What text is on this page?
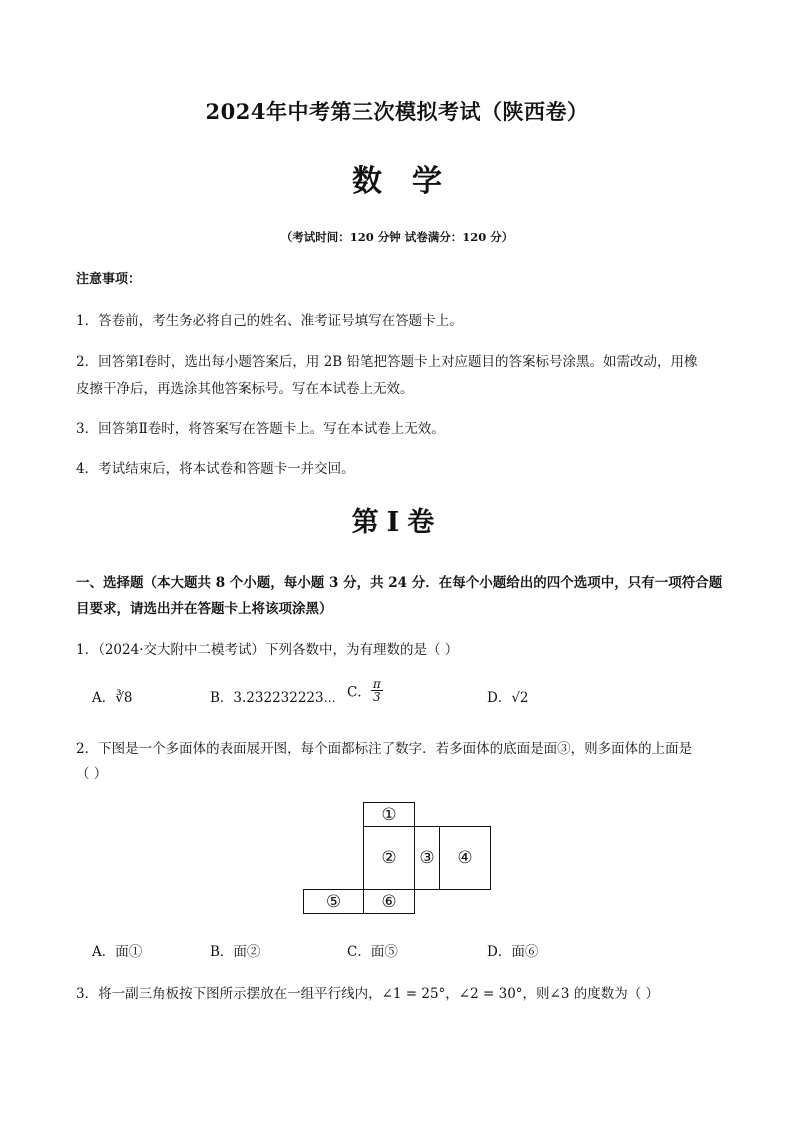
2024年中考第三次模拟考试（陕西卷）
数学
（考试时间：120 分钟 试卷满分：120 分）
注意事项：
1．答卷前，考生务必将自己的姓名、准考证号填写在答题卡上。
2．回答第Ⅰ卷时，选出每小题答案后，用 2B 铅笔把答题卡上对应题目的答案标号涂黑。如需改动，用橡
皮擦干净后，再选涂其他答案标号。写在本试卷上无效。
3．回答第Ⅱ卷时，将答案写在答题卡上。写在本试卷上无效。
4．考试结束后，将本试卷和答题卡一并交回。
第Ⅰ卷
一、选择题（本大题共 8 个小题，每小题 3 分，共 24 分．在每个小题给出的四个选项中，只有一项符合题
目要求，请选出并在答题卡上将该项涂黑）
1．（2024·交大附中二模考试）下列各数中，为有理数的是（ ）
A．∛8	B．3.232232223⋯ C． $\frac{\pi}{3}$	D．√2
2．下图是一个多面体的表面展开图，每个面都标注了数字．若多面体的底面是面③，则多面体的上面是
（ ）
①
②	③	④
⑤	⑥
A．面①	B．面②	C．面⑤	D．面⑥
3．将一副三角板按下图所示摆放在一组平行线内，∠1 = 25°，∠2 = 30°，则∠3 的度数为（ ）
